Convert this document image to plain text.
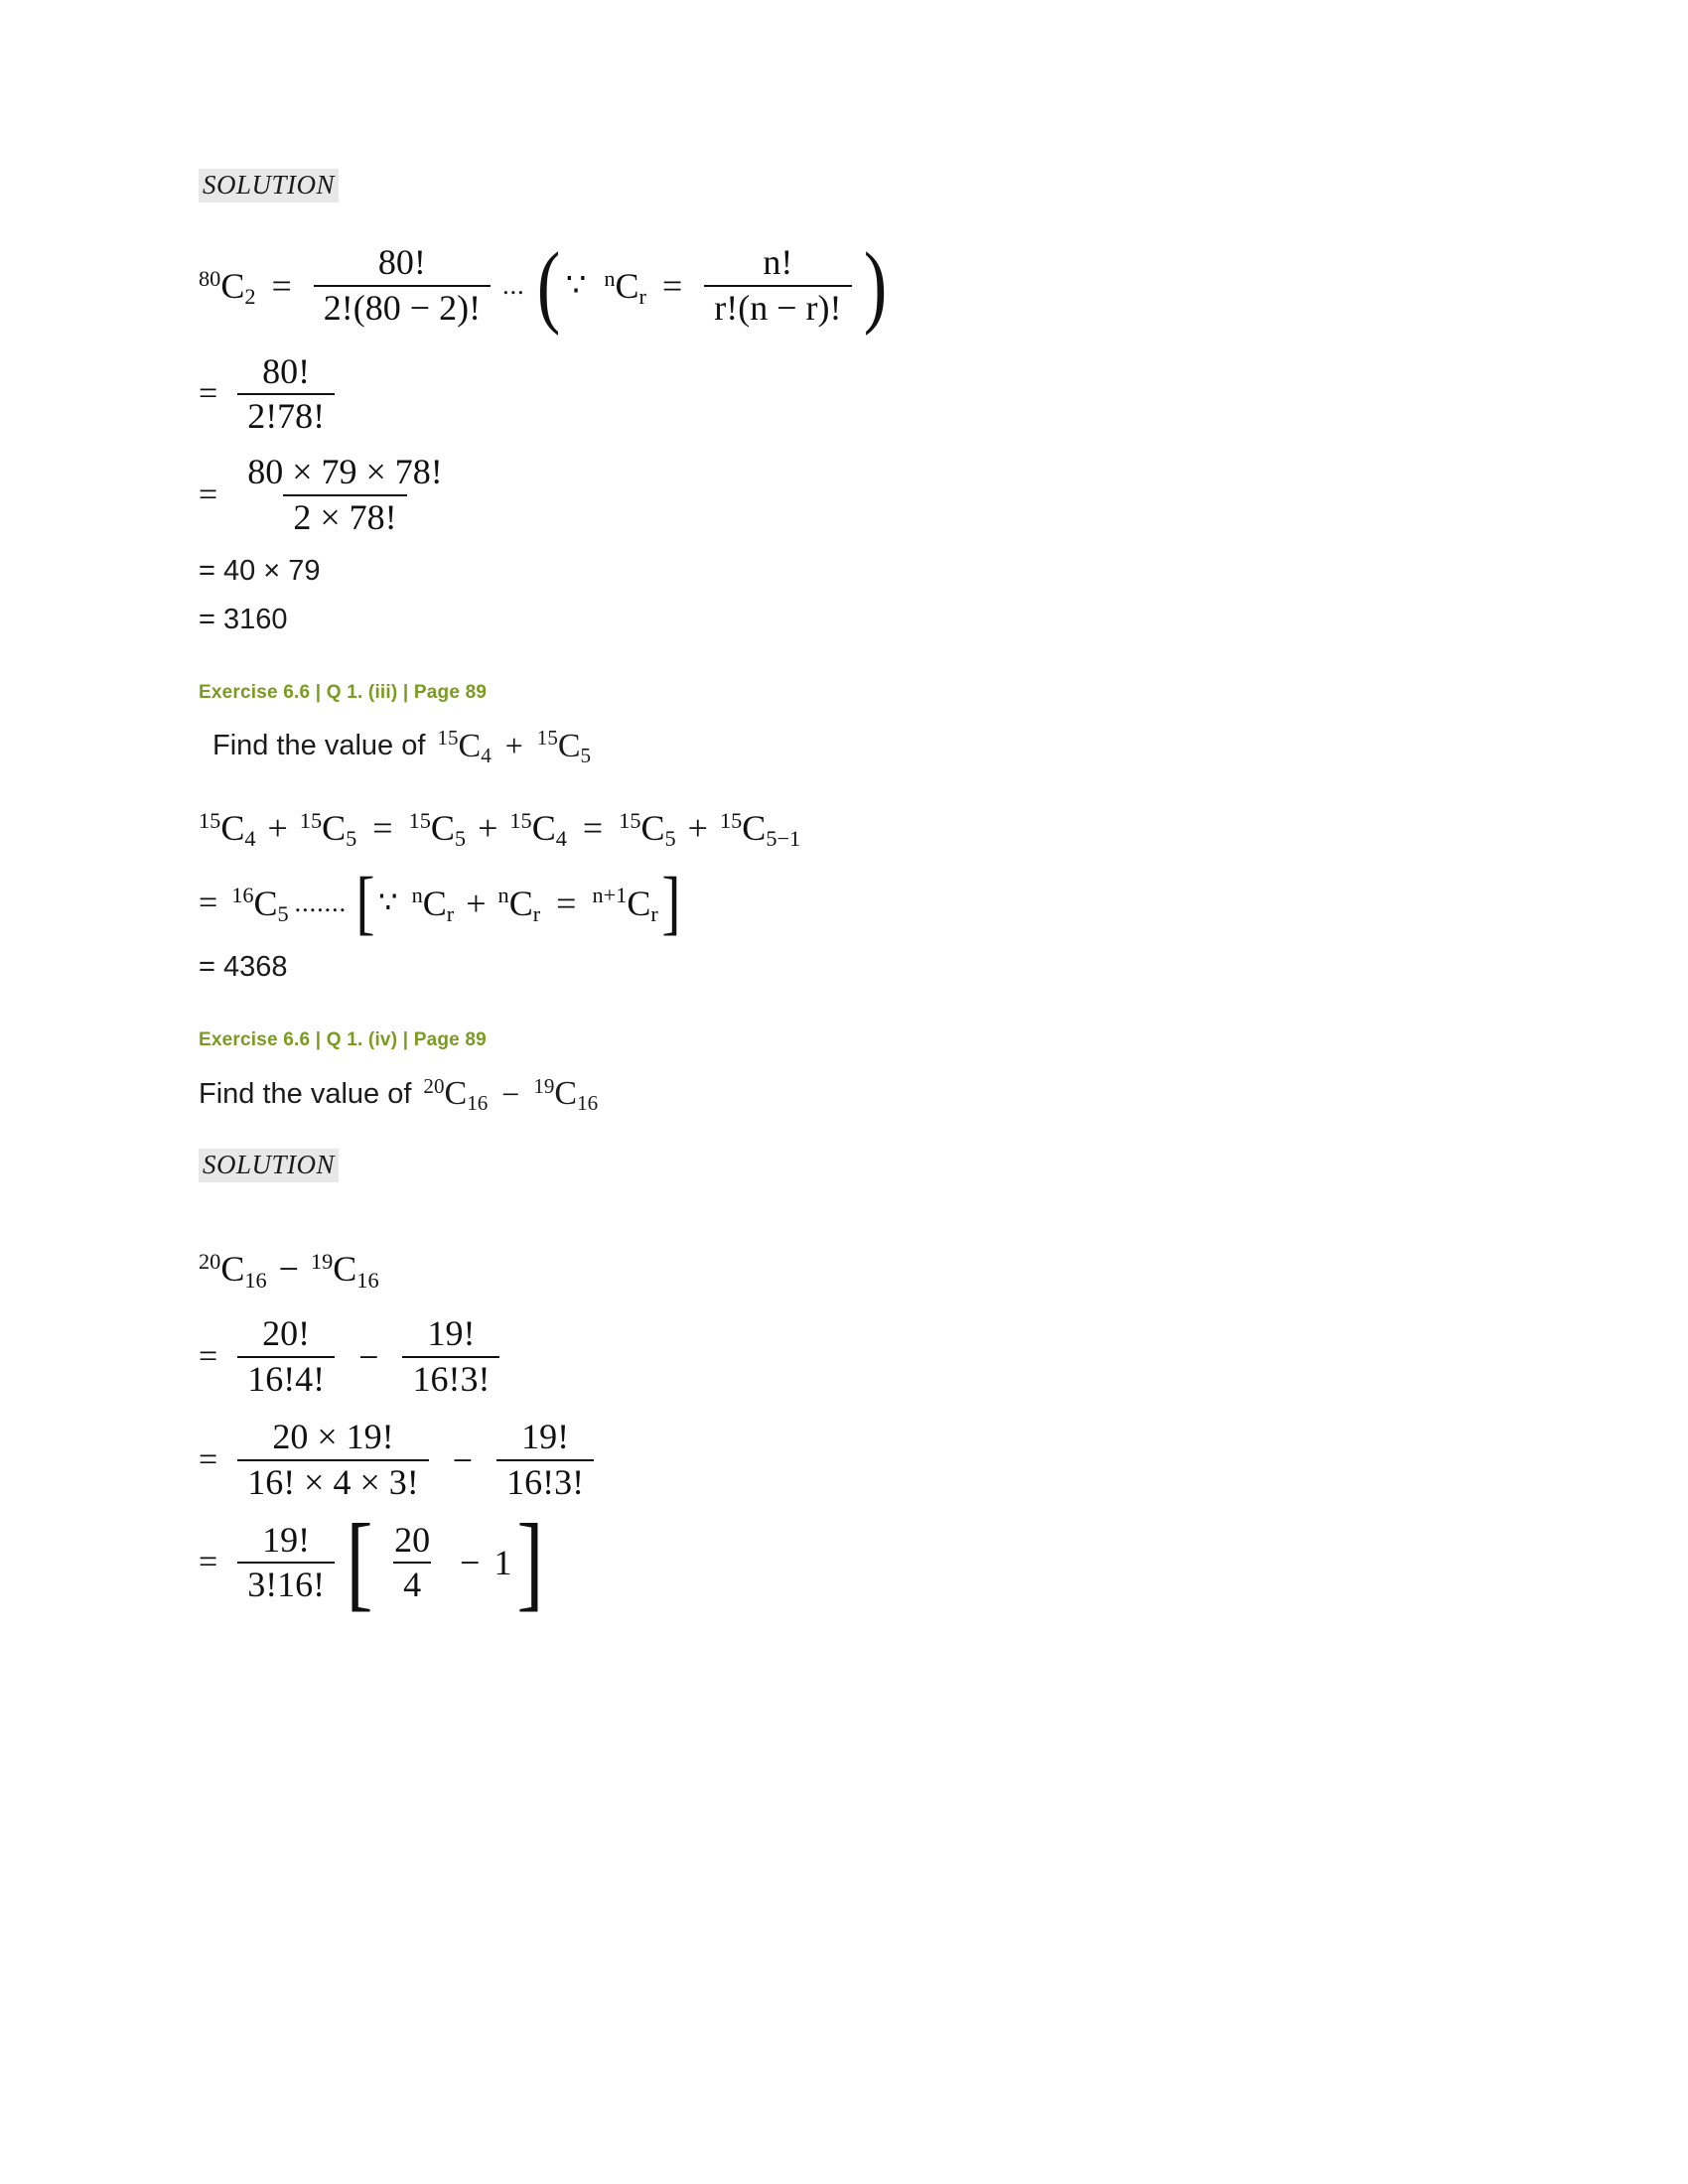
SOLUTION
80 C $2 = \frac{80!}{2!(80 - 2)!}$ ... ( ∵ n C $r = \frac{n!}{r!(n - r)!}$ )
= $\frac{80!}{2!78!}$
= $\frac{80 \times 79 \times 78!}{2 \times 78!}$
= 40 × 79
= 3160
Exercise 6.6 | Q 1. (iii) | Page 89
Find the value of 15 C 4 + 15 C 5
15 C 4 + 15 C 5 = 15 C 5 + 15 C 4 = 15 C 5 + 15 C 5−1
= 16 C 5 ....... [ ∵ n C r + n C r = n+1 C r ]
= 4368
Exercise 6.6 | Q 1. (iv) | Page 89
Find the value of 20 C 16 − 19 C 16
SOLUTION
20 C 16 − 19 C 16
= $\frac{20!}{16!4!} - \frac{19!}{16!3!}$
= $\frac{20 \times 19!}{16! \times 4 \times 3!} - \frac{19!}{16!3!}$
= $\frac{19!}{3!16!}$ [ $\frac{20}{4} - 1$ ]
